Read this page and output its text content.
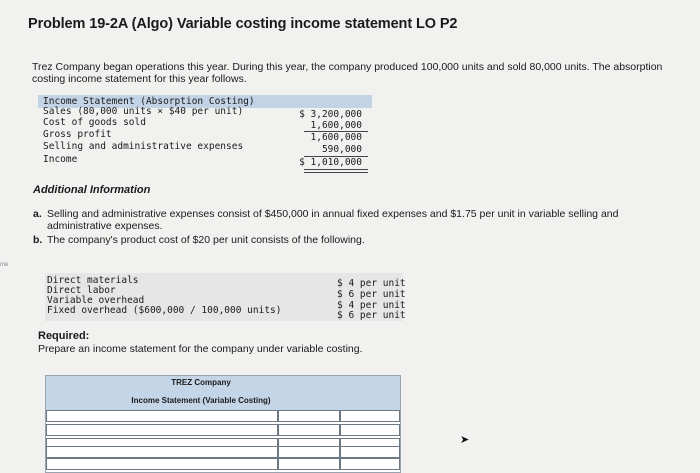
me
Problem 19-2A (Algo) Variable costing income statement LO P2
Trez Company began operations this year. During this year, the company produced 100,000 units and sold 80,000 units. The absorption costing income statement for this year follows.
Income Statement (Absorption Costing)
Sales (80,000 units × $40 per unit)	$ 3,200,000
Cost of goods sold	1,600,000
Gross profit	1,600,000
Selling and administrative expenses	590,000
Income	$ 1,010,000
Additional Information
a. Selling and administrative expenses consist of $450,000 in annual fixed expenses and $1.75 per unit in variable selling and administrative expenses.
b. The company's product cost of $20 per unit consists of the following.
Direct materials	$ 4 per unit
Direct labor	$ 6 per unit
Variable overhead	$ 4 per unit
Fixed overhead ($600,000 / 100,000 units)	$ 6 per unit
Required:
Prepare an income statement for the company under variable costing.
TREZ Company
Income Statement (Variable Costing)
➤
